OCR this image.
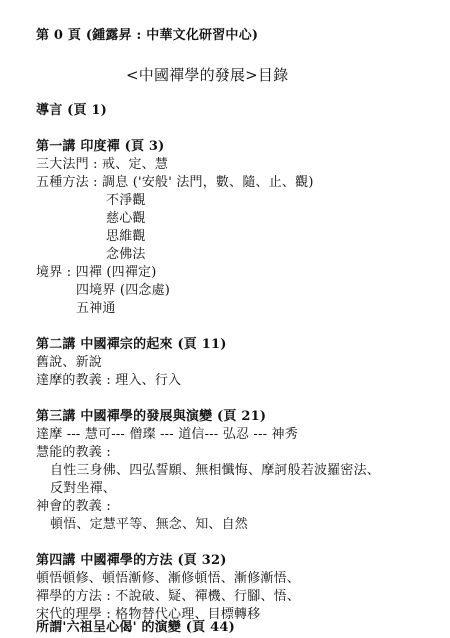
第 0 頁 (鍾露昇 : 中華文化研習中心)
<中國禪學的發展>目錄
導言 (頁 1)
第一講 印度禪 (頁 3)
三大法門 : 戒、定、慧
五種方法 : 調息 ('安般' 法門，數、隨、止、觀)
不淨觀
慈心觀
思維觀
念佛法
境界 : 四禪 (四禪定)
四境界 (四念處)
五神通
第二講 中國禪宗的起來 (頁 11)
舊說、新說
達摩的教義 : 理入、行入
第三講 中國禪學的發展與演變 (頁 21)
達摩 --- 慧可--- 僧璨 --- 道信--- 弘忍 --- 神秀
慧能的教義 :
自性三身佛、四弘誓願、無相懺悔、摩訶般若波羅密法、
反對坐禪、
神會的教義 :
頓悟、定慧平等、無念、知、自然
第四講 中國禪學的方法 (頁 32)
頓悟頓修、頓悟漸修、漸修頓悟、漸修漸悟、
禪學的方法 : 不說破、疑、禪機、行腳、悟、
宋代的理學 : 格物替代心理、目標轉移
所謂'六祖呈心偈' 的演變 (頁 44)
